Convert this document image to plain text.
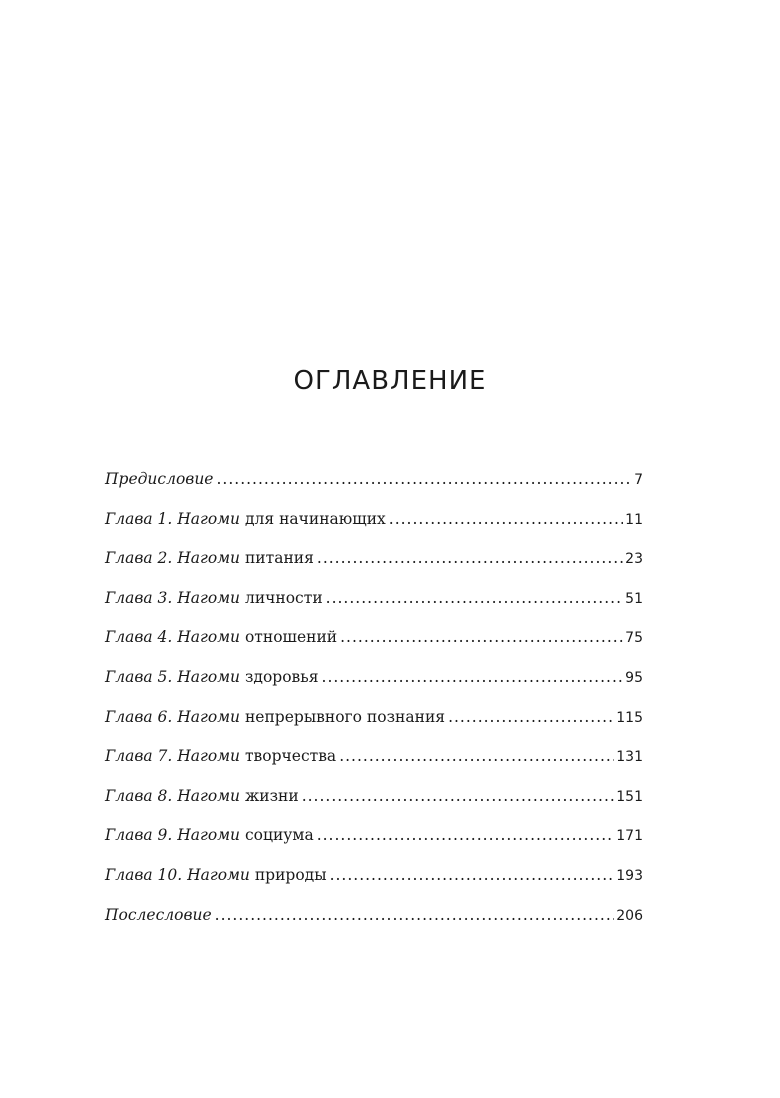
ОГЛАВЛЕНИЕ
Предисловие .....	7
Глава 1. Нагоми для начинающих .....	11
Глава 2. Нагоми питания .....	23
Глава 3. Нагоми личности .....	51
Глава 4. Нагоми отношений .....	75
Глава 5. Нагоми здоровья .....	95
Глава 6. Нагоми непрерывного познания .....	115
Глава 7. Нагоми творчества .....	131
Глава 8. Нагоми жизни .....	151
Глава 9. Нагоми социума .....	171
Глава 10. Нагоми природы .....	193
Послесловие .....	206
